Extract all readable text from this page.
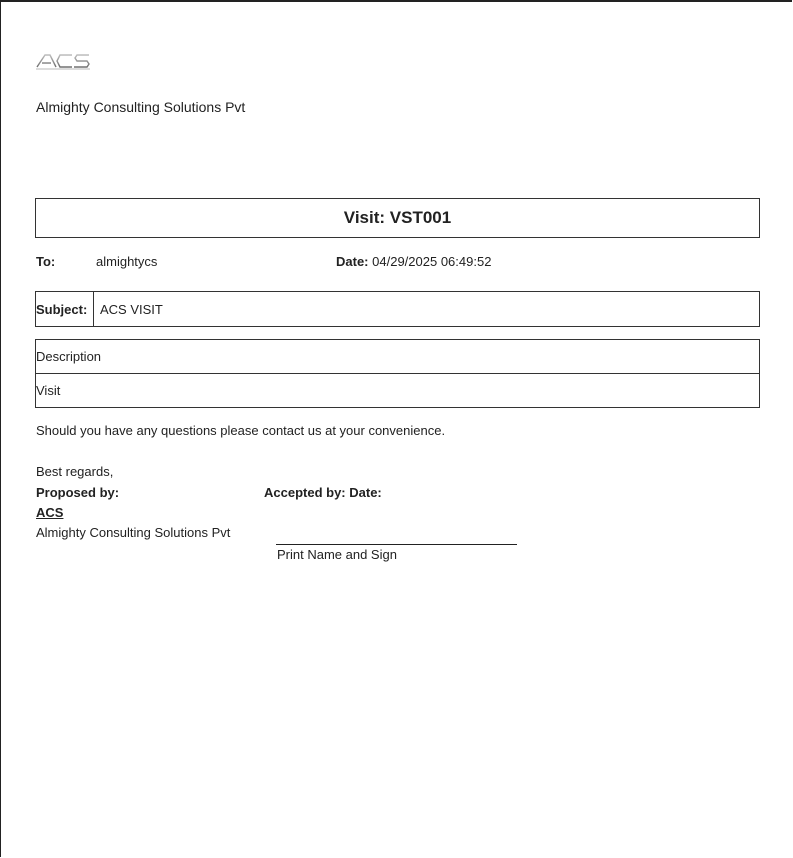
Almighty Consulting Solutions Pvt
Visit: VST001
To:	almightycs	Date: 04/29/2025 06:49:52
Subject: ACS VISIT
Description
Visit
Should you have any questions please contact us at your convenience.
Best regards,
Proposed by:	Accepted by: Date:
ACS
Almighty Consulting Solutions Pvt
Print Name and Sign
